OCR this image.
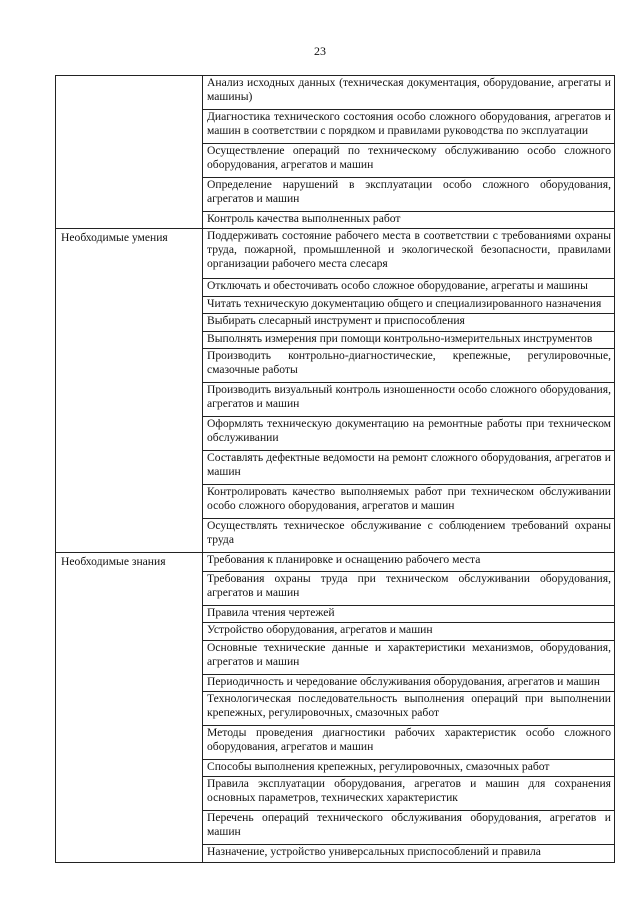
23
	Анализ исходных данных (техническая документация, оборудование, агрегаты и машины)
	Диагностика технического состояния особо сложного оборудования, агрегатов и машин в соответствии с порядком и правилами руководства по эксплуатации
	Осуществление операций по техническому обслуживанию особо сложного оборудования, агрегатов и машин
	Определение нарушений в эксплуатации особо сложного оборудования, агрегатов и машин
	Контроль качества выполненных работ
Необходимые умения	Поддерживать состояние рабочего места в соответствии с требованиями охраны труда, пожарной, промышленной и экологической безопасности, правилами организации рабочего места слесаря
	Отключать и обесточивать особо сложное оборудование, агрегаты и машины
	Читать техническую документацию общего и специализированного назначения
	Выбирать слесарный инструмент и приспособления
	Выполнять измерения при помощи контрольно-измерительных инструментов
	Производить контрольно-диагностические, крепежные, регулировочные, смазочные работы
	Производить визуальный контроль изношенности особо сложного оборудования, агрегатов и машин
	Оформлять техническую документацию на ремонтные работы при техническом обслуживании
	Составлять дефектные ведомости на ремонт сложного оборудования, агрегатов и машин
	Контролировать качество выполняемых работ при техническом обслуживании особо сложного оборудования, агрегатов и машин
	Осуществлять техническое обслуживание с соблюдением требований охраны труда
Необходимые знания	Требования к планировке и оснащению рабочего места
	Требования охраны труда при техническом обслуживании оборудования, агрегатов и машин
	Правила чтения чертежей
	Устройство оборудования, агрегатов и машин
	Основные технические данные и характеристики механизмов, оборудования, агрегатов и машин
	Периодичность и чередование обслуживания оборудования, агрегатов и машин
	Технологическая последовательность выполнения операций при выполнении крепежных, регулировочных, смазочных работ
	Методы проведения диагностики рабочих характеристик особо сложного оборудования, агрегатов и машин
	Способы выполнения крепежных, регулировочных, смазочных работ
	Правила эксплуатации оборудования, агрегатов и машин для сохранения основных параметров, технических характеристик
	Перечень операций технического обслуживания оборудования, агрегатов и машин
	Назначение, устройство универсальных приспособлений и правила
